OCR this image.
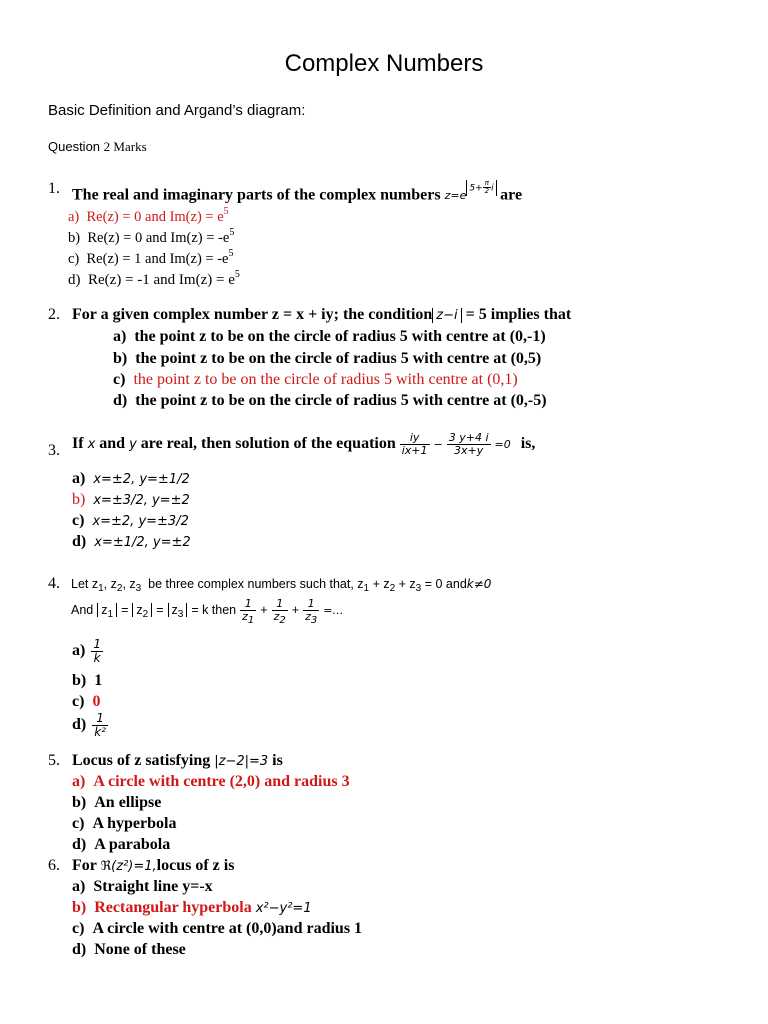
Complex Numbers
Basic Definition and Argand’s diagram:
Question 2 Marks
1. The real and imaginary parts of the complex numbers $z=e5+ \frac{\pi}{2}$ i are
a) Re(z) = 0 and $Im(z) = e^5$
b) Re(z) = 0 and $Im(z) = -e^5$
c) Re(z) = 1 and $Im(z) = -e^5$
d) Re(z) = -1 and $Im(z) = e^5$
2. For a given complex number z = x + iy; the condition z−i = 5 implies that
a) the point z to be on the circle of radius 5 with centre at (0,-1)
b) the point z to be on the circle of radius 5 with centre at (0,5)
c) the point z to be on the circle of radius 5 with centre at (0,1)
d) the point z to be on the circle of radius 5 with centre at (0,-5)
3. If x and y are real, then solution of the equation $\frac{iy}{ix+1} - \frac{3 y+4 i}{3x+y} =0$ is,
a) x=±2, y=±1/2
b) x=±3/2, y=±2
c) x=±2, y=±3/2
d) x=±1/2, y=±2
4. Let $z_1$, $z_2$, $z_3$ be three complex numbers such that, $z_1 + z_2 + z_3 = 0$ andk≠0
And $z_1 = z_2 = z_3 = k$ then $\frac{1}{z_1} + \frac{1}{z_2} + \frac{1}{z_3}$ =…
$a) \frac{1}{k}$
b) 1
c) 0
$d) \frac{1}{\text{k²}}$
5. Locus of z satisfying |z−2|=3 is
a) A circle with centre (2,0) and radius 3
b) An ellipse
c) A hyperbola
d) A parabola
6. For ℜ(z²)=1,locus of z is
a) Straight line y=-x
b) Rectangular hyperbola x²−y²=1
c) A circle with centre at (0,0)and radius 1
d) None of these
